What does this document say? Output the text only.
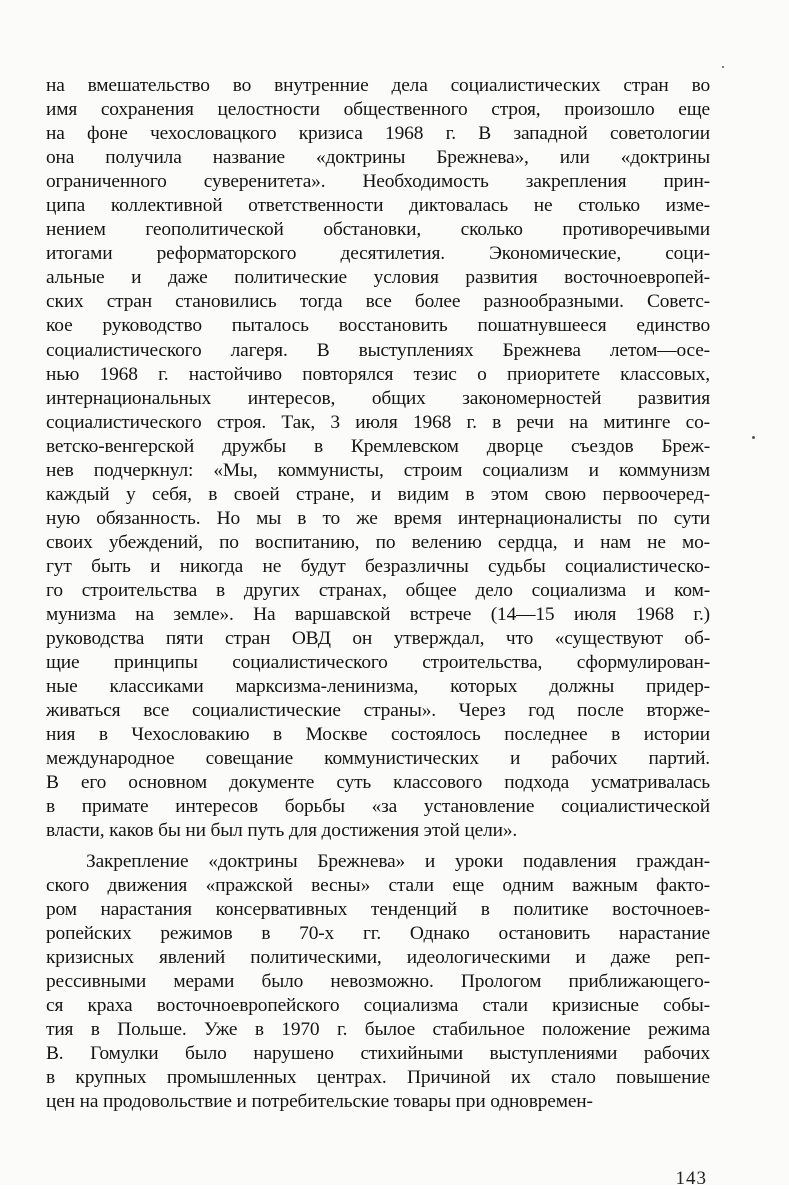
на вмешательство во внутренние дела социалистических стран во
имя сохранения целостности общественного строя, произошло еще
на фоне чехословацкого кризиса 1968 г. В западной советологии
она получила название «доктрины Брежнева», или «доктрины
ограниченного суверенитета». Необходимость закрепления прин-
ципа коллективной ответственности диктовалась не столько изме-
нением геополитической обстановки, сколько противоречивыми
итогами реформаторского десятилетия. Экономические, соци-
альные и даже политические условия развития восточноевропей-
ских стран становились тогда все более разнообразными. Советс-
кое руководство пыталось восстановить пошатнувшееся единство
социалистического лагеря. В выступлениях Брежнева летом—осе-
нью 1968 г. настойчиво повторялся тезис о приоритете классовых,
интернациональных интересов, общих закономерностей развития
социалистического строя. Так, 3 июля 1968 г. в речи на митинге со-
ветско-венгерской дружбы в Кремлевском дворце съездов Бреж-
нев подчеркнул: «Мы, коммунисты, строим социализм и коммунизм
каждый у себя, в своей стране, и видим в этом свою первоочеред-
ную обязанность. Но мы в то же время интернационалисты по сути
своих убеждений, по воспитанию, по велению сердца, и нам не мо-
гут быть и никогда не будут безразличны судьбы социалистическо-
го строительства в других странах, общее дело социализма и ком-
мунизма на земле». На варшавской встрече (14—15 июля 1968 г.)
руководства пяти стран ОВД он утверждал, что «существуют об-
щие принципы социалистического строительства, сформулирован-
ные классиками марксизма-ленинизма, которых должны придер-
живаться все социалистические страны». Через год после вторже-
ния в Чехословакию в Москве состоялось последнее в истории
международное совещание коммунистических и рабочих партий.
В его основном документе суть классового подхода усматривалась
в примате интересов борьбы «за установление социалистической
власти, каков бы ни был путь для достижения этой цели».
Закрепление «доктрины Брежнева» и уроки подавления граждан-
ского движения «пражской весны» стали еще одним важным факто-
ром нарастания консервативных тенденций в политике восточноев-
ропейских режимов в 70-х гг. Однако остановить нарастание
кризисных явлений политическими, идеологическими и даже реп-
рессивными мерами было невозможно. Прологом приближающего-
ся краха восточноевропейского социализма стали кризисные собы-
тия в Польше. Уже в 1970 г. былое стабильное положение режима
В. Гомулки было нарушено стихийными выступлениями рабочих
в крупных промышленных центрах. Причиной их стало повышение
цен на продовольствие и потребительские товары при одновремен-
143
